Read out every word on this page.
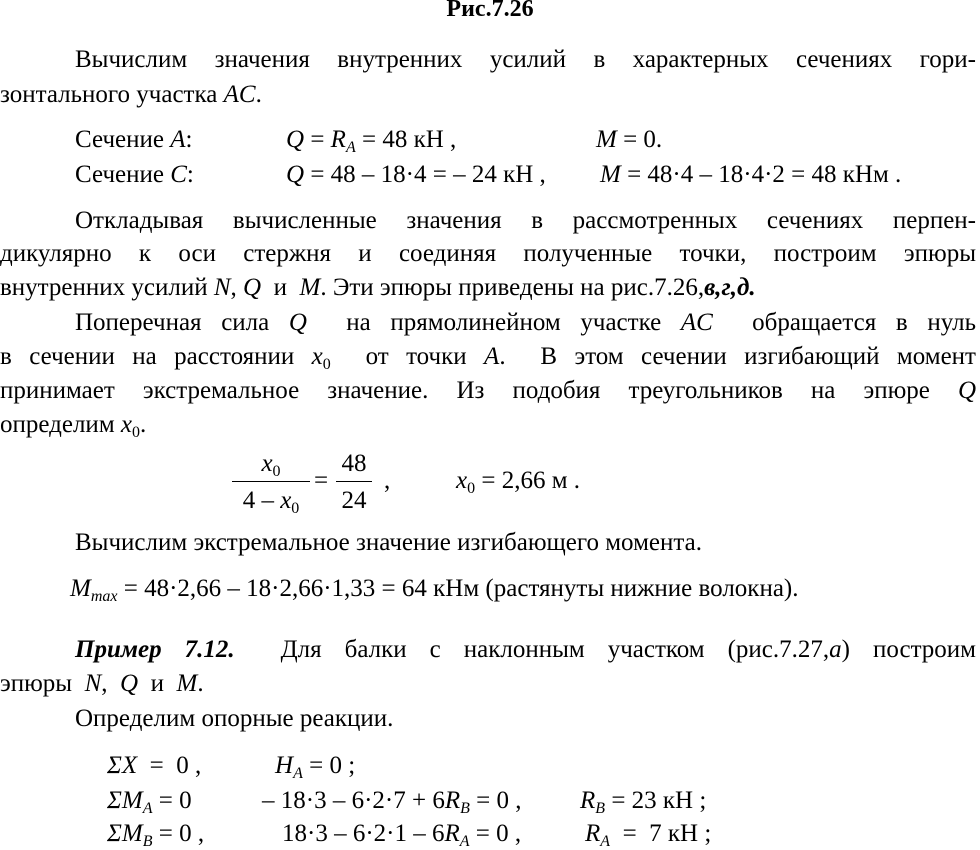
Рис.7.26
Вычислим значения внутренних усилий в характерных сечениях гори-
зонтального участка AC.
Сечение A:	$Q = R_A = 48$ кН ,	M = 0.
Сечение C:	Q = 48 – 18·4 = – 24 кН , M = 48·4 – 18·4·2 = 48 кНм .
Откладывая вычисленные значения в рассмотренных сечениях перпен-
дикулярно к оси стержня и соединяя полученные точки, построим эпюры
внутренних усилий N, Q  и  M. Эти эпюры приведены на рис.7.26,в,г,д.
Поперечная сила Q  на прямолинейном участке AC  обращается в нуль
в сечении на расстоянии $x_0$  от точки A.  В этом сечении изгибающий момент
принимает экстремальное значение. Из подобия треугольников на эпюре Q
определим $x_0$.
$x_0$
$4 - x_0$
=
48
24
,	$x_0 = 2,66$ м .
Вычислим экстремальное значение изгибающего момента.
$M_{max} = 48\cdot 2,66 - 18\cdot 2,66\cdot 1,33 = 64$ кНм (растянуты нижние волокна).
Пример 7.12.  Для балки с наклонным участком (рис.7.27,а) построим
эпюры  N,  Q  и  M.
Определим опорные реакции.
ΣX  =  0 ,	$H_A = 0$ ;
$\Sigma M_A = 0$	– $18\cdot 3 - 6\cdot 2\cdot 7 + 6R_B = 0$ , $R_B = 23$ кН ;
$\Sigma M_B = 0$ ,	$18\cdot 3 - 6\cdot 2\cdot 1 - 6R_A = 0$ ,	$R_A = 7$ кН ;
